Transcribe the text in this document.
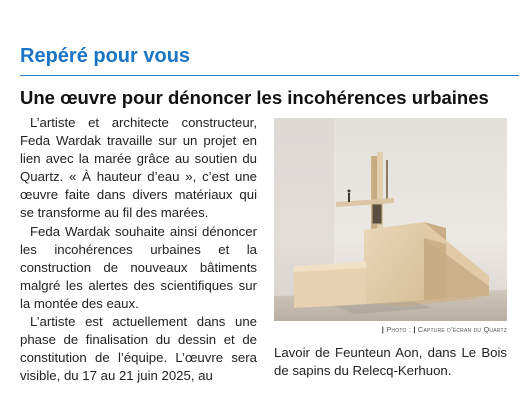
Repéré pour vous
Une œuvre pour dénoncer les incohérences urbaines

L’artiste et architecte constructeur, Feda Wardak travaille sur un projet en lien avec la marée grâce au soutien du Quartz. « À hauteur d’eau », c’est une œuvre faite dans divers matériaux qui se transforme au fil des marées.

Feda Wardak souhaite ainsi dénoncer les incohérences urbaines et la construction de nouveaux bâtiments malgré les alertes des scientifiques sur la montée des eaux.

L’artiste est actuellement dans une phase de finalisation du dessin et de constitution de l’équipe. L’œuvre sera visible, du 17 au 21 juin 2025, au

| Photo : | Capture d’écran du Quartz
Lavoir de Feunteun Aon, dans Le Bois de sapins du Relecq-Kerhuon.
